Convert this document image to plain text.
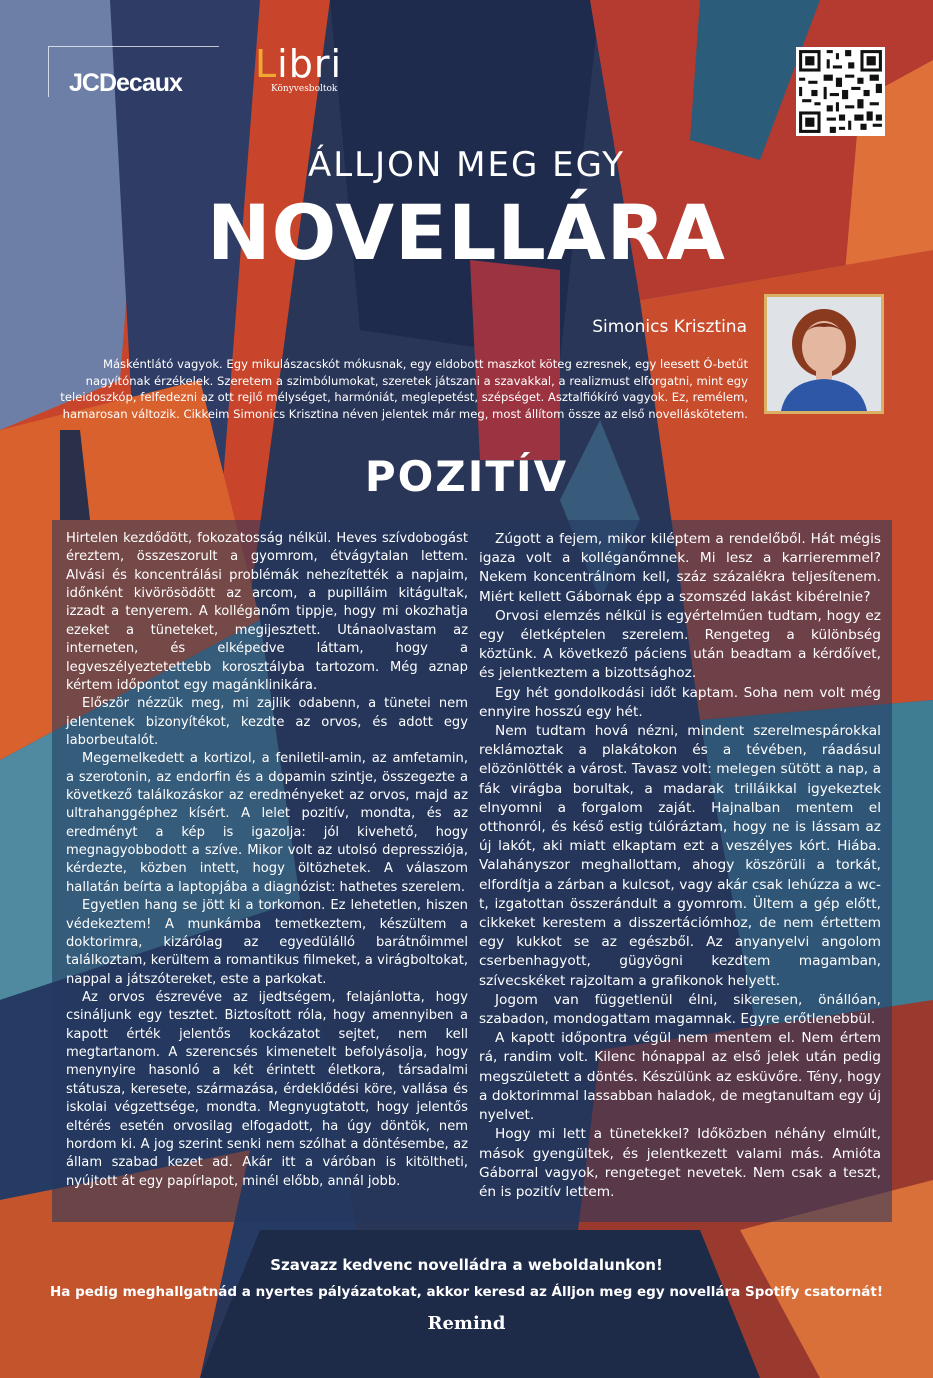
JCDecaux Libri
Könyvesboltok
ÁLLJON MEG EGY
NOVELLÁRA
Simonics Krisztina
Máskéntlátó vagyok. Egy mikulászacskót mókusnak, egy eldobott maszkot köteg ezresnek, egy leesett Ó-betűt nagyítónak érzékelek. Szeretem a szimbólumokat, szeretek játszani a szavakkal, a realizmust elforgatni, mint egy teleidoszkóp, felfedezni az ott rejlő mélységet, harmóniát, meglepetést, szépséget. Asztalfiókíró vagyok. Ez, remélem, hamarosan változik. Cikkeim Simonics Krisztina néven jelentek már meg, most állítom össze az első novelláskötetem.
POZITÍV

Hirtelen kezdődött, fokozatosság nélkül. Heves szívdobogást éreztem, összeszorult a gyomrom, étvágytalan lettem. Alvási és koncentrálási problémák nehezítették a napjaim, időnként kivörösödött az arcom, a pupilláim kitágultak, izzadt a tenyerem. A kolléganőm tippje, hogy mi okozhatja ezeket a tüneteket, megijesztett. Utánaolvastam az interneten, és elképedve láttam, hogy a legveszélyeztetettebb korosztályba tartozom. Még aznap kértem időpontot egy magánklinikára.

Először nézzük meg, mi zajlik odabenn, a tünetei nem jelentenek bizonyítékot, kezdte az orvos, és adott egy laborbeutalót.

Megemelkedett a kortizol, a feniletil-amin, az amfetamin, a szerotonin, az endorfin és a dopamin szintje, összegezte a következő találkozáskor az eredményeket az orvos, majd az ultrahanggéphez kísért. A lelet pozitív, mondta, és az eredményt a kép is igazolja: jól kivehető, hogy megnagyobbodott a szíve. Mikor volt az utolsó depressziója, kérdezte, közben intett, hogy öltözhetek. A válaszom hallatán beírta a laptopjába a diagnózist: hathetes szerelem.

Egyetlen hang se jött ki a torkomon. Ez lehetetlen, hiszen védekeztem! A munkámba temetkeztem, készültem a doktorimra, kizárólag az egyedülálló barátnőimmel találkoztam, kerültem a romantikus filmeket, a virágboltokat, nappal a játszótereket, este a parkokat.

Az orvos észrevéve az ijedtségem, felajánlotta, hogy csináljunk egy tesztet. Biztosított róla, hogy amennyiben a kapott érték jelentős kockázatot sejtet, nem kell megtartanom. A szerencsés kimenetelt befolyásolja, hogy menynyire hasonló a két érintett életkora, társadalmi státusza, keresete, származása, érdeklődési köre, vallása és iskolai végzettsége, mondta. Megnyugtatott, hogy jelentős eltérés esetén orvosilag elfogadott, ha úgy döntök, nem hordom ki. A jog szerint senki nem szólhat a döntésembe, az állam szabad kezet ad. Akár itt a váróban is kitöltheti, nyújtott át egy papírlapot, minél előbb, annál jobb.

Zúgott a fejem, mikor kiléptem a rendelőből. Hát mégis igaza volt a kolléganőmnek. Mi lesz a karrieremmel? Nekem koncentrálnom kell, száz százalékra teljesítenem. Miért kellett Gábornak épp a szomszéd lakást kibérelnie?

Orvosi elemzés nélkül is egyértelműen tudtam, hogy ez egy életképtelen szerelem. Rengeteg a különbség köztünk. A következő páciens után beadtam a kérdőívet, és jelentkeztem a bizottsághoz.

Egy hét gondolkodási időt kaptam. Soha nem volt még ennyire hosszú egy hét.

Nem tudtam hová nézni, mindent szerelmespárokkal reklámoztak a plakátokon és a tévében, ráadásul elözönlötték a várost. Tavasz volt: melegen sütött a nap, a fák virágba borultak, a madarak trilláikkal igyekeztek elnyomni a forgalom zaját. Hajnalban mentem el otthonról, és késő estig túlóráztam, hogy ne is lássam az új lakót, aki miatt elkaptam ezt a veszélyes kórt. Hiába. Valahányszor meghallottam, ahogy köszörüli a torkát, elfordítja a zárban a kulcsot, vagy akár csak lehúzza a wc-t, izgatottan összerándult a gyomrom. Ültem a gép előtt, cikkeket kerestem a disszertációmhoz, de nem értettem egy kukkot se az egészből. Az anyanyelvi angolom cserbenhagyott, gügyögni kezdtem magamban, szívecskéket rajzoltam a grafikonok helyett.

Jogom van függetlenül élni, sikeresen, önállóan, szabadon, mondogattam magamnak. Egyre erőtlenebbül.

A kapott időpontra végül nem mentem el. Nem értem rá, randim volt. Kilenc hónappal az első jelek után pedig megszületett a döntés. Készülünk az esküvőre. Tény, hogy a doktorimmal lassabban haladok, de megtanultam egy új nyelvet.

Hogy mi lett a tünetekkel? Időközben néhány elmúlt, mások gyengültek, és jelentkezett valami más. Amióta Gáborral vagyok, rengeteget nevetek. Nem csak a teszt, én is pozitív lettem.

Szavazz kedvenc novelládra a weboldalunkon!
Ha pedig meghallgatnád a nyertes pályázatokat, akkor keresd az Álljon meg egy novellára Spotify csatornát!
Remind
